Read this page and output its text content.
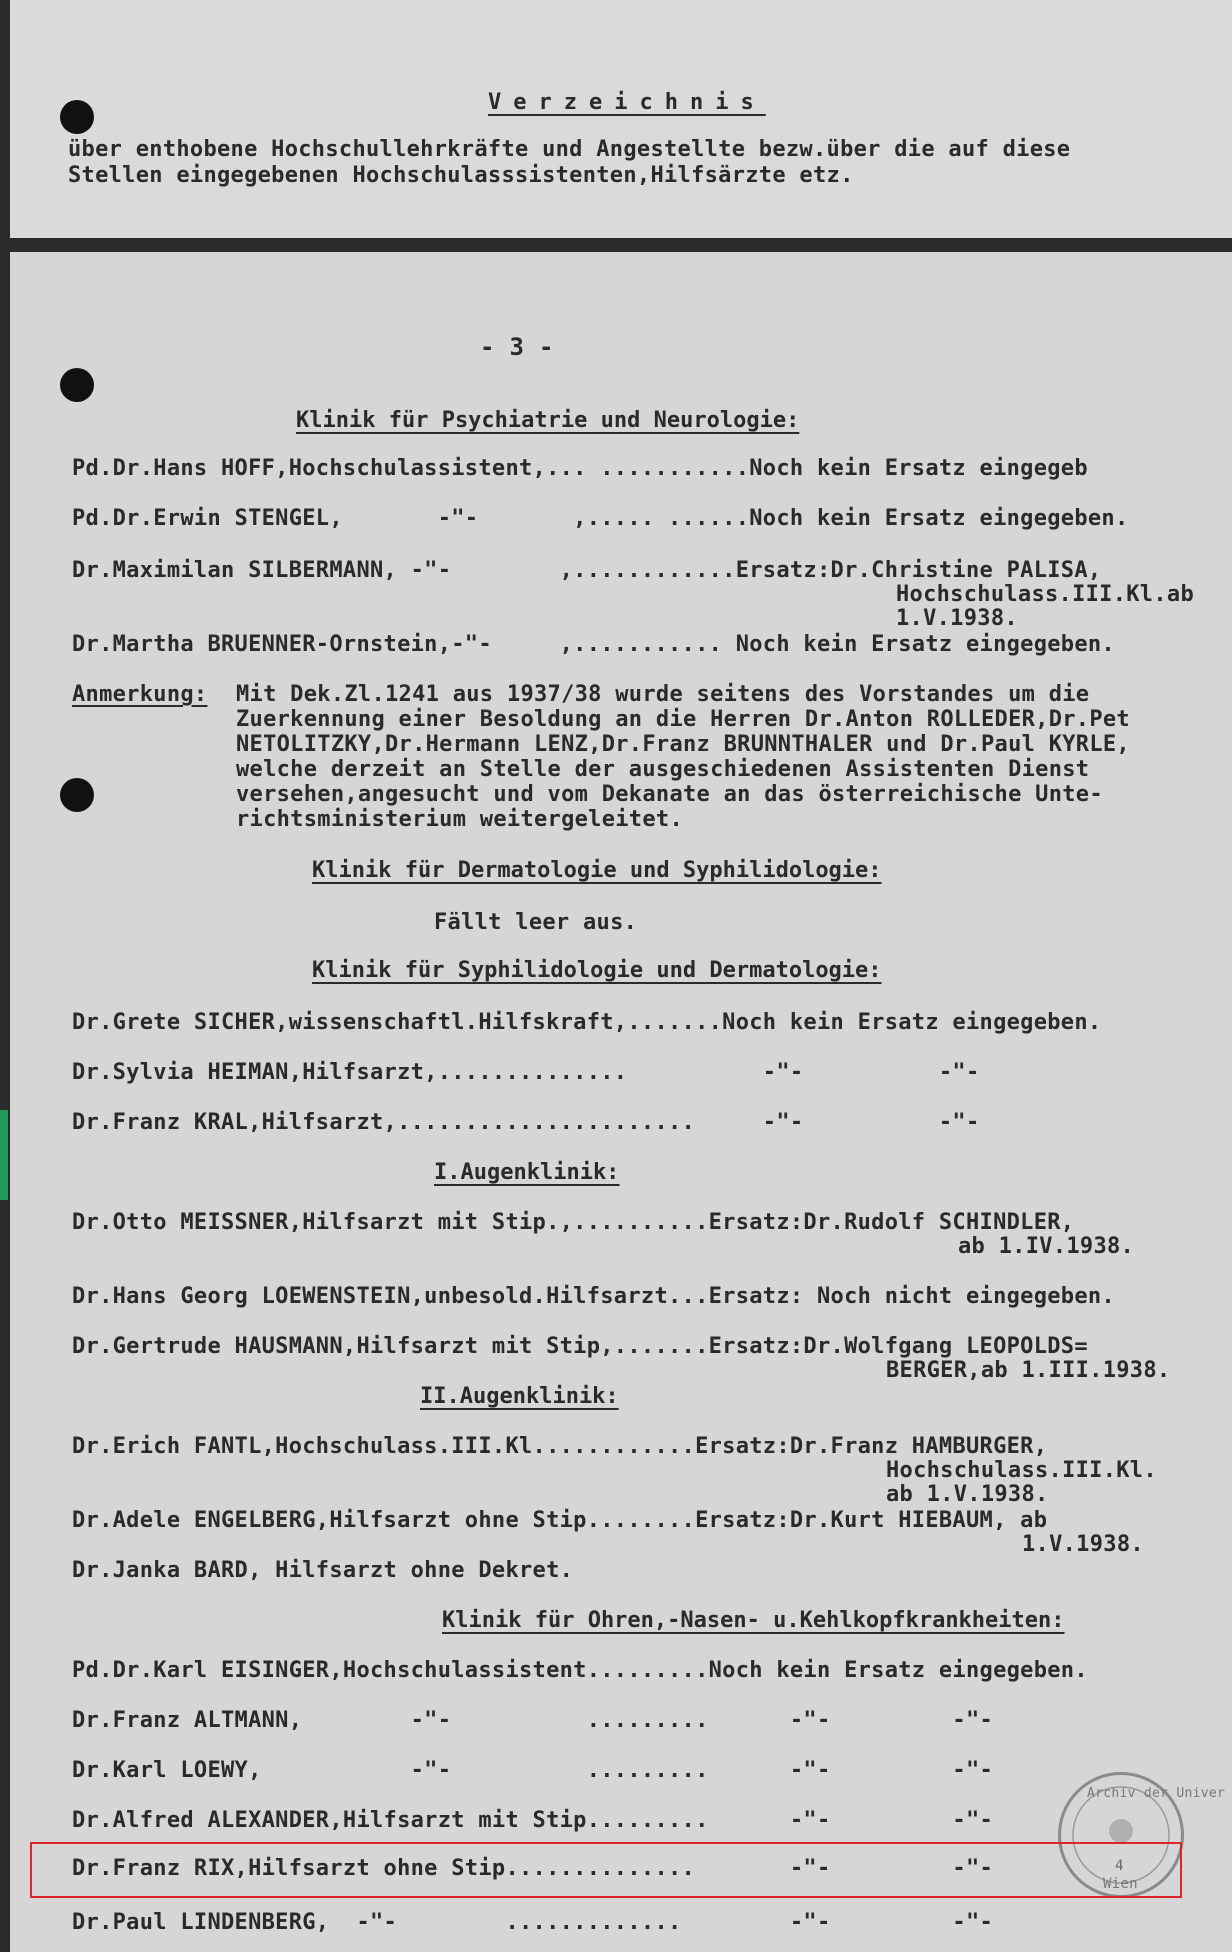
Verzeichnis
über enthobene Hochschullehrkräfte und Angestellte bezw.über die auf diese
Stellen eingegebenen Hochschulasssistenten,Hilfsärzte etz.
- 3 -
Klinik für Psychiatrie und Neurologie:
Pd.Dr.Hans HOFF,Hochschulassistent,... ...........Noch kein Ersatz eingegeb
Pd.Dr.Erwin STENGEL,       -"-       ,..... ......Noch kein Ersatz eingegeben.
Dr.Maximilan SILBERMANN, -"-        ,............Ersatz:Dr.Christine PALISA,
Hochschulass.III.Kl.ab
1.V.1938.
Dr.Martha BRUENNER-Ornstein,-"-     ,........... Noch kein Ersatz eingegeben.
Anmerkung: Mit Dek.Zl.1241 aus 1937/38 wurde seitens des Vorstandes um die
Zuerkennung einer Besoldung an die Herren Dr.Anton ROLLEDER,Dr.Pet
NETOLITZKY,Dr.Hermann LENZ,Dr.Franz BRUNNTHALER und Dr.Paul KYRLE,
welche derzeit an Stelle der ausgeschiedenen Assistenten Dienst
versehen,angesucht und vom Dekanate an das österreichische Unte-
richtsministerium weitergeleitet.
Klinik für Dermatologie und Syphilidologie:
Fällt leer aus.
Klinik für Syphilidologie und Dermatologie:
Dr.Grete SICHER,wissenschaftl.Hilfskraft,.......Noch kein Ersatz eingegeben.
Dr.Sylvia HEIMAN,Hilfsarzt,..............          -"-          -"-
Dr.Franz KRAL,Hilfsarzt,......................     -"-          -"-
I.Augenklinik:
Dr.Otto MEISSNER,Hilfsarzt mit Stip.,..........Ersatz:Dr.Rudolf SCHINDLER,
ab 1.IV.1938.
Dr.Hans Georg LOEWENSTEIN,unbesold.Hilfsarzt...Ersatz: Noch nicht eingegeben.
Dr.Gertrude HAUSMANN,Hilfsarzt mit Stip,.......Ersatz:Dr.Wolfgang LEOPOLDS=
BERGER,ab 1.III.1938.
II.Augenklinik:
Dr.Erich FANTL,Hochschulass.III.Kl............Ersatz:Dr.Franz HAMBURGER,
Hochschulass.III.Kl.
ab 1.V.1938.
Dr.Adele ENGELBERG,Hilfsarzt ohne Stip........Ersatz:Dr.Kurt HIEBAUM, ab
1.V.1938.
Dr.Janka BARD, Hilfsarzt ohne Dekret.
Klinik für Ohren,-Nasen- u.Kehlkopfkrankheiten:
Pd.Dr.Karl EISINGER,Hochschulassistent.........Noch kein Ersatz eingegeben.
Dr.Franz ALTMANN,        -"-          .........      -"-         -"-
Dr.Karl LOEWY,           -"-          .........      -"-         -"-
Dr.Alfred ALEXANDER,Hilfsarzt mit Stip.........      -"-         -"-
Dr.Franz RIX,Hilfsarzt ohne Stip..............       -"-         -"-
Dr.Paul LINDENBERG,  -"-        .............        -"-         -"-
Archiv der Univer
4
Wien
